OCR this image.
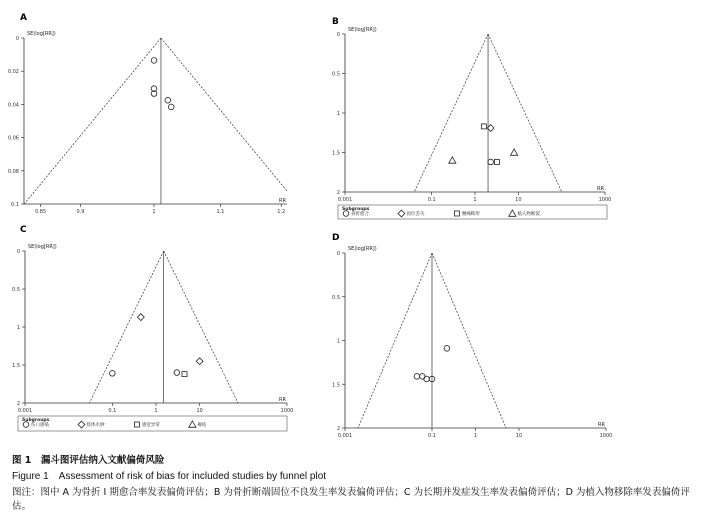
A
0
0.02
0.04
0.06
0.08
0.1
0.85	0.9	1	1.1	1.2
SE(log[RR])
RR
B
0
0.5
1
1.5
2
0.001	0.1	1	10	1000
SE(log[RR])
RR
Subgroups
骨折愈合	固位丢失	腰痛畸形	植入物断裂
C
0
0.5
1
1.5
2
0.001	0.1	1	10	1000
SE(log[RR])
RR
Subgroups
伤口感染	肢体水肿	感觉异常	褥疮
D
0
0.5
1
1.5
2
0.001	0.1	1	10	1000
SE(log[RR])
RR
图 1　漏斗图评估纳入文献偏倚风险
Figure 1　Assessment of risk of bias for included studies by funnel plot
图注：图中 A 为骨折 I 期愈合率发表偏倚评估；B 为骨折断端固位不良发生率发表偏倚评估；C 为长期并发症发生率发表偏倚评估；D 为植入物移除率发表偏倚评估。
